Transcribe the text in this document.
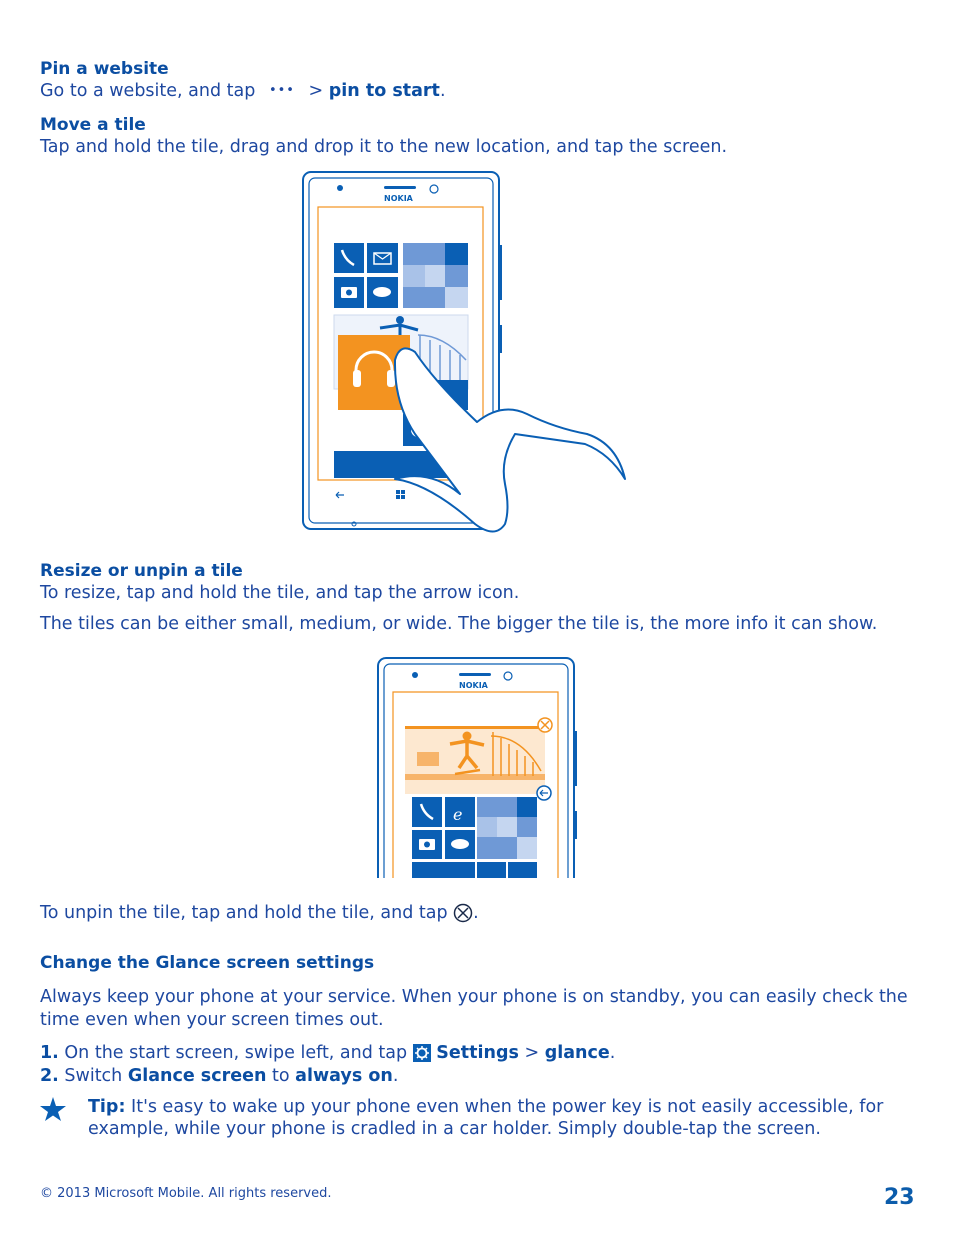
Pin a website
Go to a website, and tap ••• > pin to start.
Move a tile
Tap and hold the tile, drag and drop it to the new location, and tap the screen.
NOKIA
Resize or unpin a tile
To resize, tap and hold the tile, and tap the arrow icon.
The tiles can be either small, medium, or wide. The bigger the tile is, the more info it can show.
NOKIA
e
To unpin the tile, tap and hold the tile, and tap .
Change the Glance screen settings
Always keep your phone at your service. When your phone is on standby, you can easily check the
time even when your screen times out.
1. On the start screen, swipe left, and tap Settings > glance.
2. Switch Glance screen to always on.
Tip: It's easy to wake up your phone even when the power key is not easily accessible, for
example, while your phone is cradled in a car holder. Simply double-tap the screen.
© 2013 Microsoft Mobile. All rights reserved.	23
